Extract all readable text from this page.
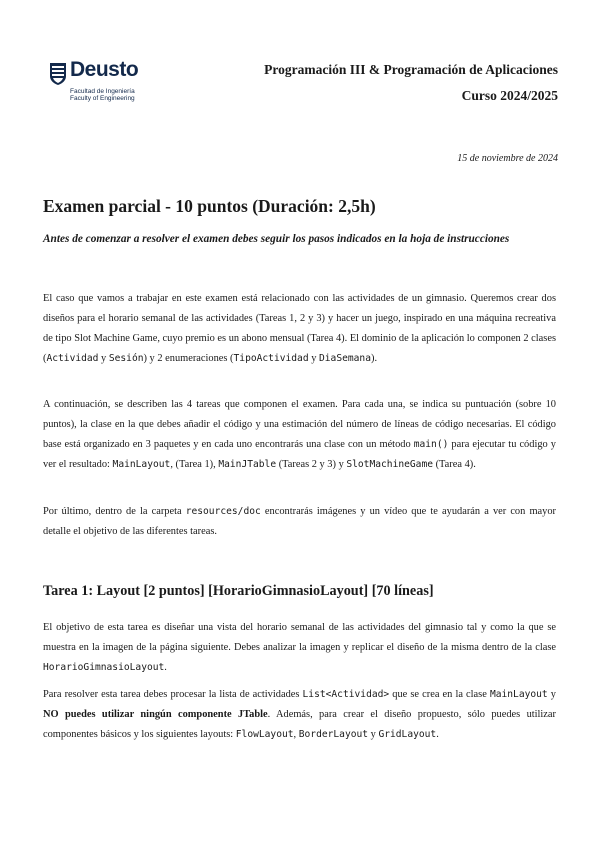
Deusto
Facultad de Ingeniería
Faculty of Engineering
Programación III & Programación de Aplicaciones
Curso 2024/2025
15 de noviembre de 2024
Examen parcial - 10 puntos (Duración: 2,5h)
Antes de comenzar a resolver el examen debes seguir los pasos indicados en la hoja de instrucciones

El caso que vamos a trabajar en este examen está relacionado con las actividades de un gimnasio. Queremos crear dos diseños para el horario semanal de las actividades (Tareas 1, 2 y 3) y hacer un juego, inspirado en una máquina recreativa de tipo Slot Machine Game, cuyo premio es un abono mensual (Tarea 4). El dominio de la aplicación lo componen 2 clases (Actividad y Sesión) y 2 enumeraciones (TipoActividad y DiaSemana).

A continuación, se describen las 4 tareas que componen el examen. Para cada una, se indica su puntuación (sobre 10 puntos), la clase en la que debes añadir el código y una estimación del número de líneas de código necesarias. El código base está organizado en 3 paquetes y en cada uno encontrarás una clase con un método main() para ejecutar tu código y ver el resultado: MainLayout, (Tarea 1), MainJTable (Tareas 2 y 3) y SlotMachineGame (Tarea 4).

Por último, dentro de la carpeta resources/doc encontrarás imágenes y un vídeo que te ayudarán a ver con mayor detalle el objetivo de las diferentes tareas.

Tarea 1: Layout [2 puntos] [HorarioGimnasioLayout] [70 líneas]

El objetivo de esta tarea es diseñar una vista del horario semanal de las actividades del gimnasio tal y como la que se muestra en la imagen de la página siguiente. Debes analizar la imagen y replicar el diseño de la misma dentro de la clase HorarioGimnasioLayout.

Para resolver esta tarea debes procesar la lista de actividades List<Actividad> que se crea en la clase MainLayout y NO puedes utilizar ningún componente JTable. Además, para crear el diseño propuesto, sólo puedes utilizar componentes básicos y los siguientes layouts: FlowLayout, BorderLayout y GridLayout.
